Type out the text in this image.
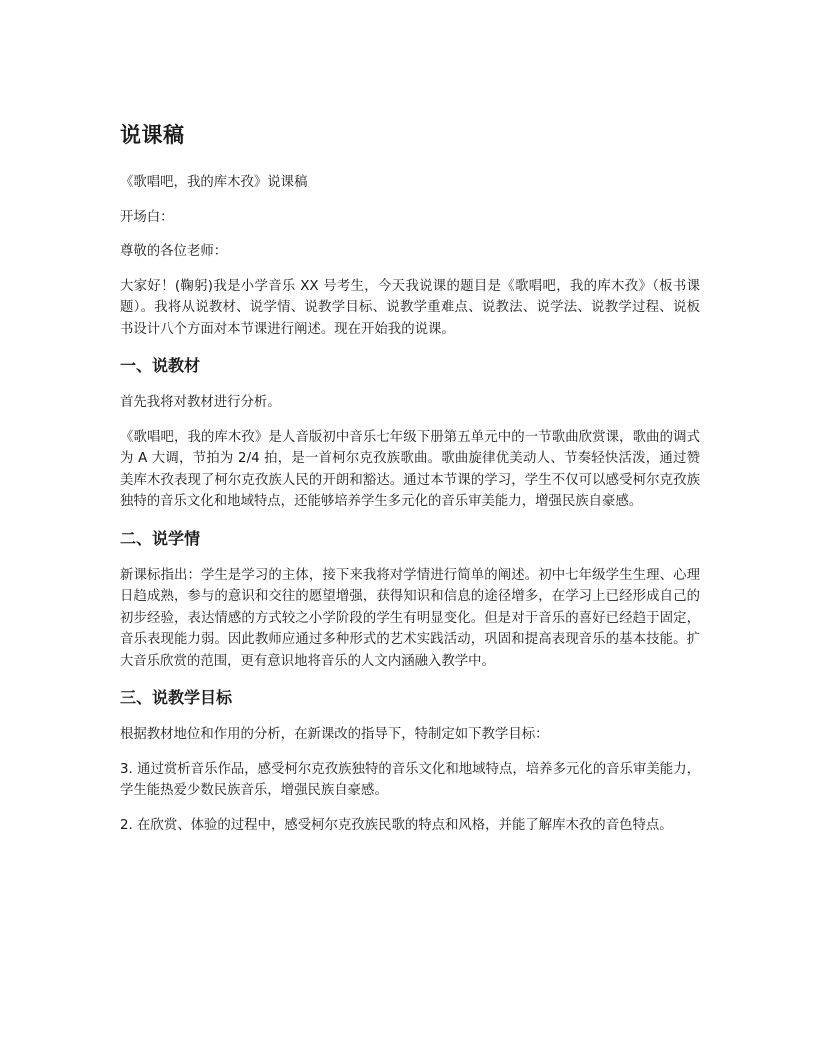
说课稿

《歌唱吧，我的库木孜》说课稿

开场白：

尊敬的各位老师：

大家好！(鞠躬)我是小学音乐 XX 号考生，今天我说课的题目是《歌唱吧，我的库木孜》（板书课题）。我将从说教材、说学情、说教学目标、说教学重难点、说教法、说学法、说教学过程、说板书设计八个方面对本节课进行阐述。现在开始我的说课。

一、说教材

首先我将对教材进行分析。

《歌唱吧，我的库木孜》是人音版初中音乐七年级下册第五单元中的一节歌曲欣赏课，歌曲的调式为 A 大调，节拍为 2/4 拍，是一首柯尔克孜族歌曲。歌曲旋律优美动人、节奏轻快活泼，通过赞美库木孜表现了柯尔克孜族人民的开朗和豁达。通过本节课的学习，学生不仅可以感受柯尔克孜族独特的音乐文化和地域特点，还能够培养学生多元化的音乐审美能力，增强民族自豪感。

二、说学情

新课标指出：学生是学习的主体，接下来我将对学情进行简单的阐述。初中七年级学生生理、心理日趋成熟，参与的意识和交往的愿望增强，获得知识和信息的途径增多，在学习上已经形成自己的初步经验，表达情感的方式较之小学阶段的学生有明显变化。但是对于音乐的喜好已经趋于固定，音乐表现能力弱。因此教师应通过多种形式的艺术实践活动，巩固和提高表现音乐的基本技能。扩大音乐欣赏的范围，更有意识地将音乐的人文内涵融入教学中。

三、说教学目标

根据教材地位和作用的分析，在新课改的指导下，特制定如下教学目标：

3. 通过赏析音乐作品，感受柯尔克孜族独特的音乐文化和地域特点，培养多元化的音乐审美能力，学生能热爱少数民族音乐，增强民族自豪感。

2. 在欣赏、体验的过程中，感受柯尔克孜族民歌的特点和风格，并能了解库木孜的音色特点。
